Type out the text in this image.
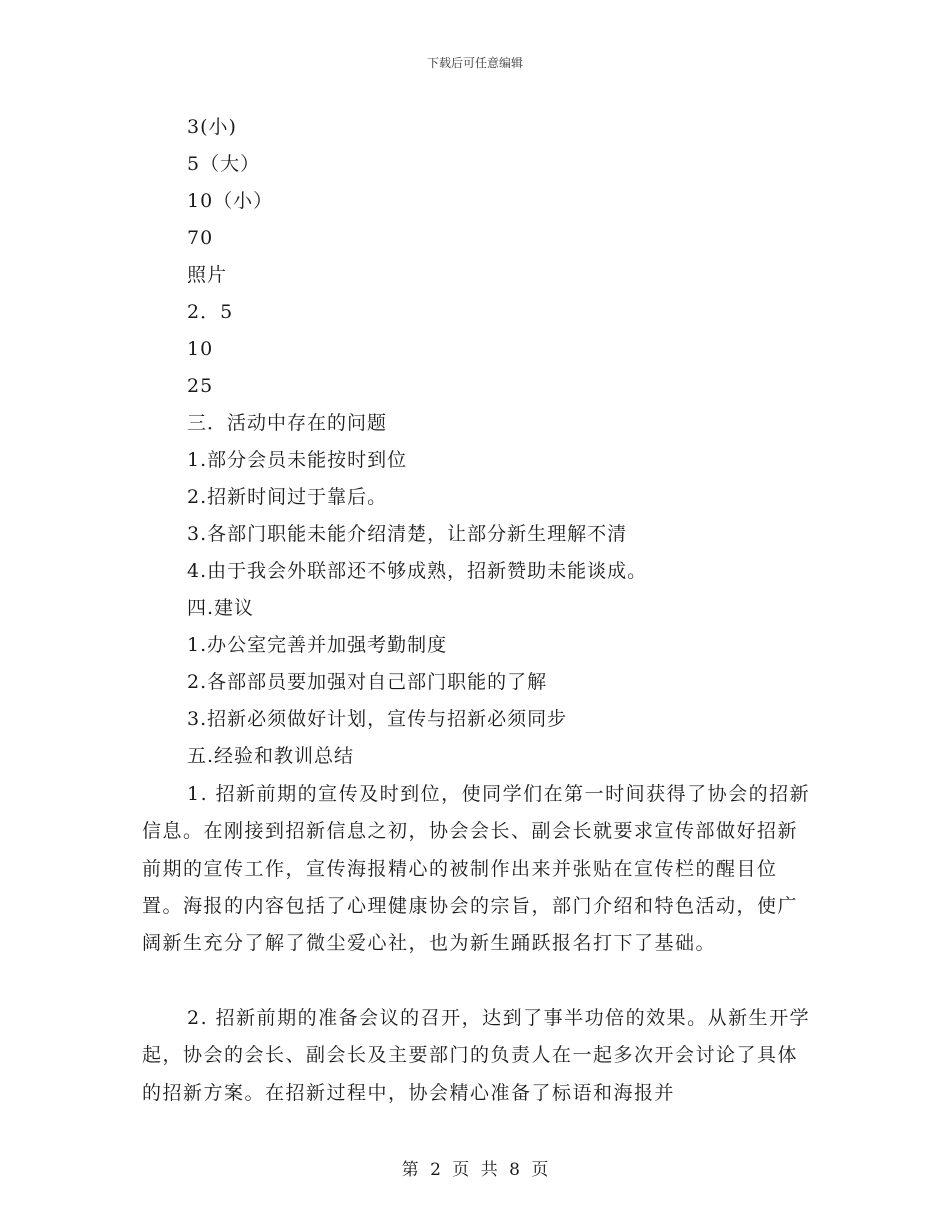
下载后可任意编辑
3(小)
5（大）
10（小）
70
照片
2．5
10
25
三．活动中存在的问题
1.部分会员未能按时到位
2.招新时间过于靠后。
3.各部门职能未能介绍清楚，让部分新生理解不清
4.由于我会外联部还不够成熟，招新赞助未能谈成。
四.建议
1.办公室完善并加强考勤制度
2.各部部员要加强对自己部门职能的了解
3.招新必须做好计划，宣传与招新必须同步
五.经验和教训总结
1. 招新前期的宣传及时到位，使同学们在第一时间获得了协会的招新信息。在刚接到招新信息之初，协会会长、副会长就要求宣传部做好招新前期的宣传工作，宣传海报精心的被制作出来并张贴在宣传栏的醒目位置。海报的内容包括了心理健康协会的宗旨，部门介绍和特色活动，使广阔新生充分了解了微尘爱心社，也为新生踊跃报名打下了基础。
2. 招新前期的准备会议的召开，达到了事半功倍的效果。从新生开学起，协会的会长、副会长及主要部门的负责人在一起多次开会讨论了具体的招新方案。在招新过程中，协会精心准备了标语和海报并
第 2 页 共 8 页
